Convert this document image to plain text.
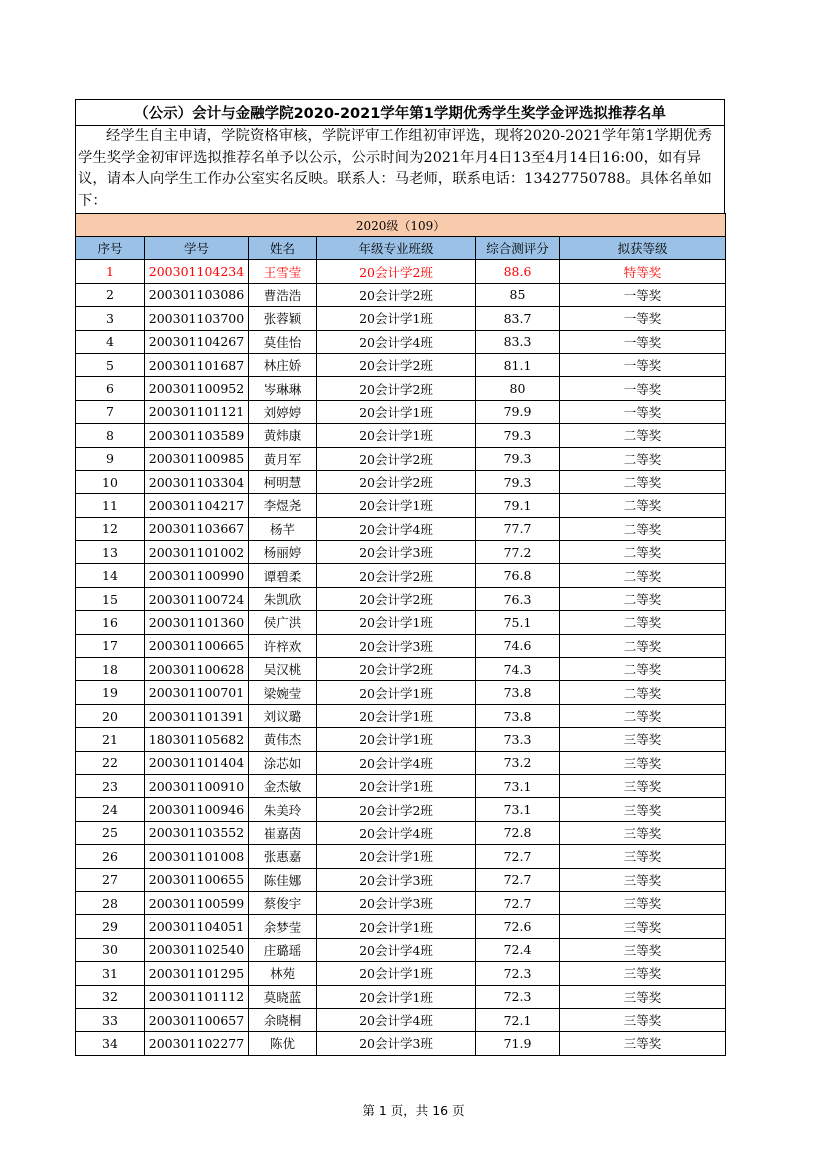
（公示）会计与金融学院2020-2021学年第1学期优秀学生奖学金评选拟推荐名单
经学生自主申请，学院资格审核，学院评审工作组初审评选，现将2020-2021学年第1学期优秀学生奖学金初审评选拟推荐名单予以公示，公示时间为2021年月4日13至4月14日16:00，如有异议，请本人向学生工作办公室实名反映。联系人：马老师，联系电话：13427750788。具体名单如下：
2020级（109）					
序号	学号	姓名	年级专业班级	综合测评分	拟获等级
1	200301104234	王雪莹	20会计学2班	88.6	特等奖
2	200301103086	曹浩浩	20会计学2班	85	一等奖
3	200301103700	张蓉颖	20会计学1班	83.7	一等奖
4	200301104267	莫佳怡	20会计学4班	83.3	一等奖
5	200301101687	林庄娇	20会计学2班	81.1	一等奖
6	200301100952	岑琳琳	20会计学2班	80	一等奖
7	200301101121	刘婷婷	20会计学1班	79.9	一等奖
8	200301103589	黄炜康	20会计学1班	79.3	二等奖
9	200301100985	黄月军	20会计学2班	79.3	二等奖
10	200301103304	柯明慧	20会计学2班	79.3	二等奖
11	200301104217	李煜尧	20会计学1班	79.1	二等奖
12	200301103667	杨芊	20会计学4班	77.7	二等奖
13	200301101002	杨丽婷	20会计学3班	77.2	二等奖
14	200301100990	谭碧柔	20会计学2班	76.8	二等奖
15	200301100724	朱凯欣	20会计学2班	76.3	二等奖
16	200301101360	侯广洪	20会计学1班	75.1	二等奖
17	200301100665	许梓欢	20会计学3班	74.6	二等奖
18	200301100628	吴汉桃	20会计学2班	74.3	二等奖
19	200301100701	梁婉莹	20会计学1班	73.8	二等奖
20	200301101391	刘议璐	20会计学1班	73.8	二等奖
21	180301105682	黄伟杰	20会计学1班	73.3	三等奖
22	200301101404	涂芯如	20会计学4班	73.2	三等奖
23	200301100910	金杰敏	20会计学1班	73.1	三等奖
24	200301100946	朱美玲	20会计学2班	73.1	三等奖
25	200301103552	崔嘉茵	20会计学4班	72.8	三等奖
26	200301101008	张惠嘉	20会计学1班	72.7	三等奖
27	200301100655	陈佳娜	20会计学3班	72.7	三等奖
28	200301100599	蔡俊宇	20会计学3班	72.7	三等奖
29	200301104051	余梦莹	20会计学1班	72.6	三等奖
30	200301102540	庄璐瑶	20会计学4班	72.4	三等奖
31	200301101295	林苑	20会计学1班	72.3	三等奖
32	200301101112	莫晓蓝	20会计学1班	72.3	三等奖
33	200301100657	余晓桐	20会计学4班	72.1	三等奖
34	200301102277	陈优	20会计学3班	71.9	三等奖
第 1 页，共 16 页
